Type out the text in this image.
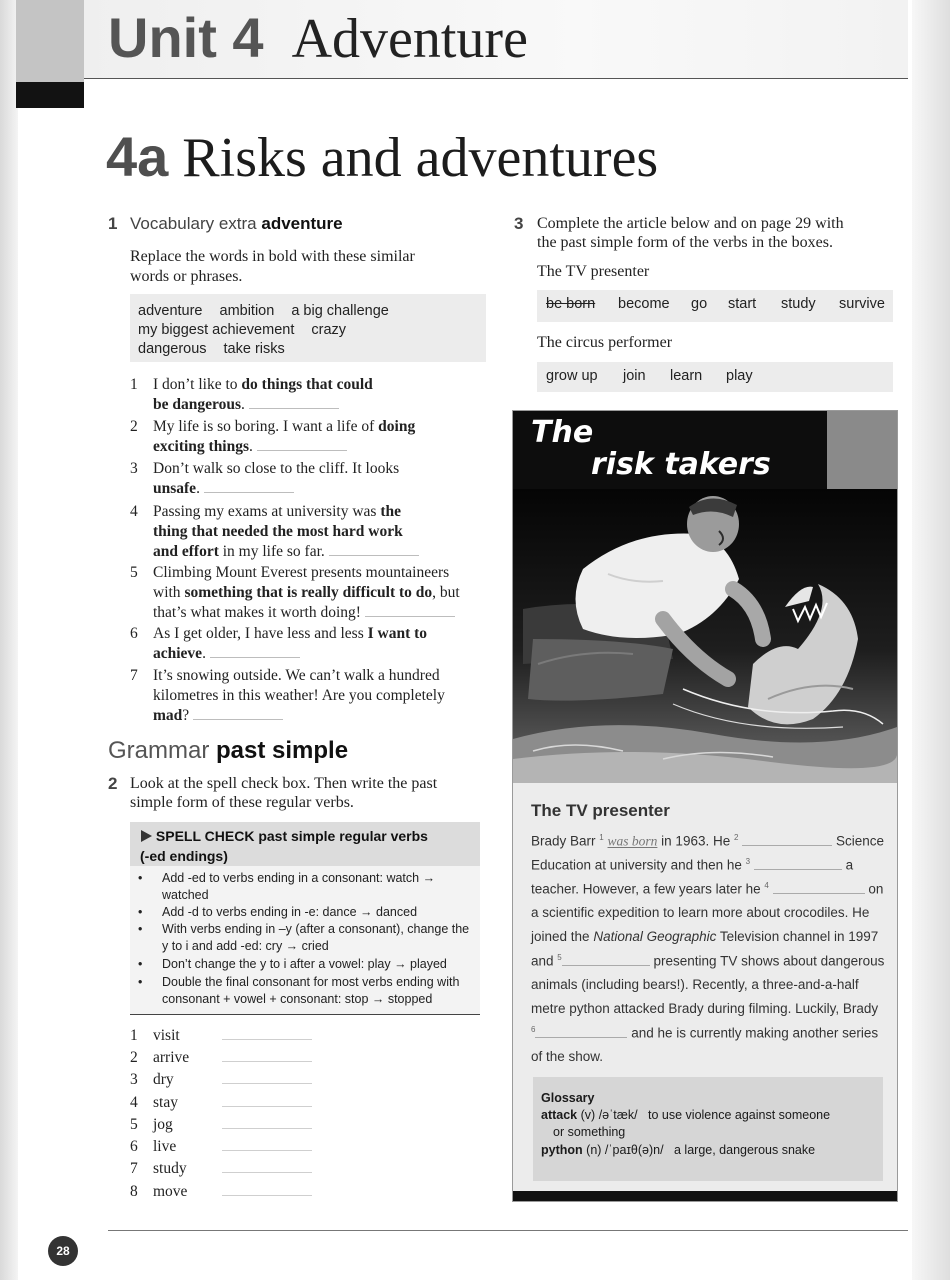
Unit 4 Adventure
4a Risks and adventures
1 Vocabulary extra adventure
Replace the words in bold with these similar
words or phrases.
adventure ambition a big challenge
my biggest achievement crazy
dangerous take risks
1 I don’t like to do things that could
be dangerous.
2 My life is so boring. I want a life of doing
exciting things.
3 Don’t walk so close to the cliff. It looks
unsafe.
4 Passing my exams at university was the
thing that needed the most hard work
and effort in my life so far.
5 Climbing Mount Everest presents mountaineers
with something that is really difficult to do, but
that’s what makes it worth doing!
6 As I get older, I have less and less I want to
achieve.
7 It’s snowing outside. We can’t walk a hundred
kilometres in this weather! Are you completely
mad?
Grammar past simple
2 Look at the spell check box. Then write the past
simple form of these regular verbs.
SPELL CHECK past simple regular verbs
(-ed endings)
• Add -ed to verbs ending in a consonant: watch → watched
• Add -d to verbs ending in -e: dance → danced
• With verbs ending in –y (after a consonant), change the y to i and add -ed: cry → cried
• Don’t change the y to i after a vowel: play → played
• Double the final consonant for most verbs ending with consonant + vowel + consonant: stop → stopped
1 visit
2 arrive
3 dry
4 stay
5 jog
6 live
7 study
8 move
3 Complete the article below and on page 29 with
the past simple form of the verbs in the boxes.
The TV presenter
be born become go start study survive
The circus performer
grow up join learn play
The
risk takers
The TV presenter
Brady Barr $^1$ was born in 1963. He $^2$	Science
Education at university and then he $^3$	a
teacher. However, a few years later he $^4$	on
a scientific expedition to learn more about crocodiles. He
joined the National Geographic Television channel in 1997
and $^5$	presenting TV shows about dangerous
animals (including bears!). Recently, a three-and-a-half
metre python attacked Brady during filming. Luckily, Brady
$^6$	and he is currently making another series
of the show.
Glossary
attack (v) /əˈtæk/ to use violence against someone
or something
python (n) /ˈpaɪθ(ə)n/ a large, dangerous snake
28
